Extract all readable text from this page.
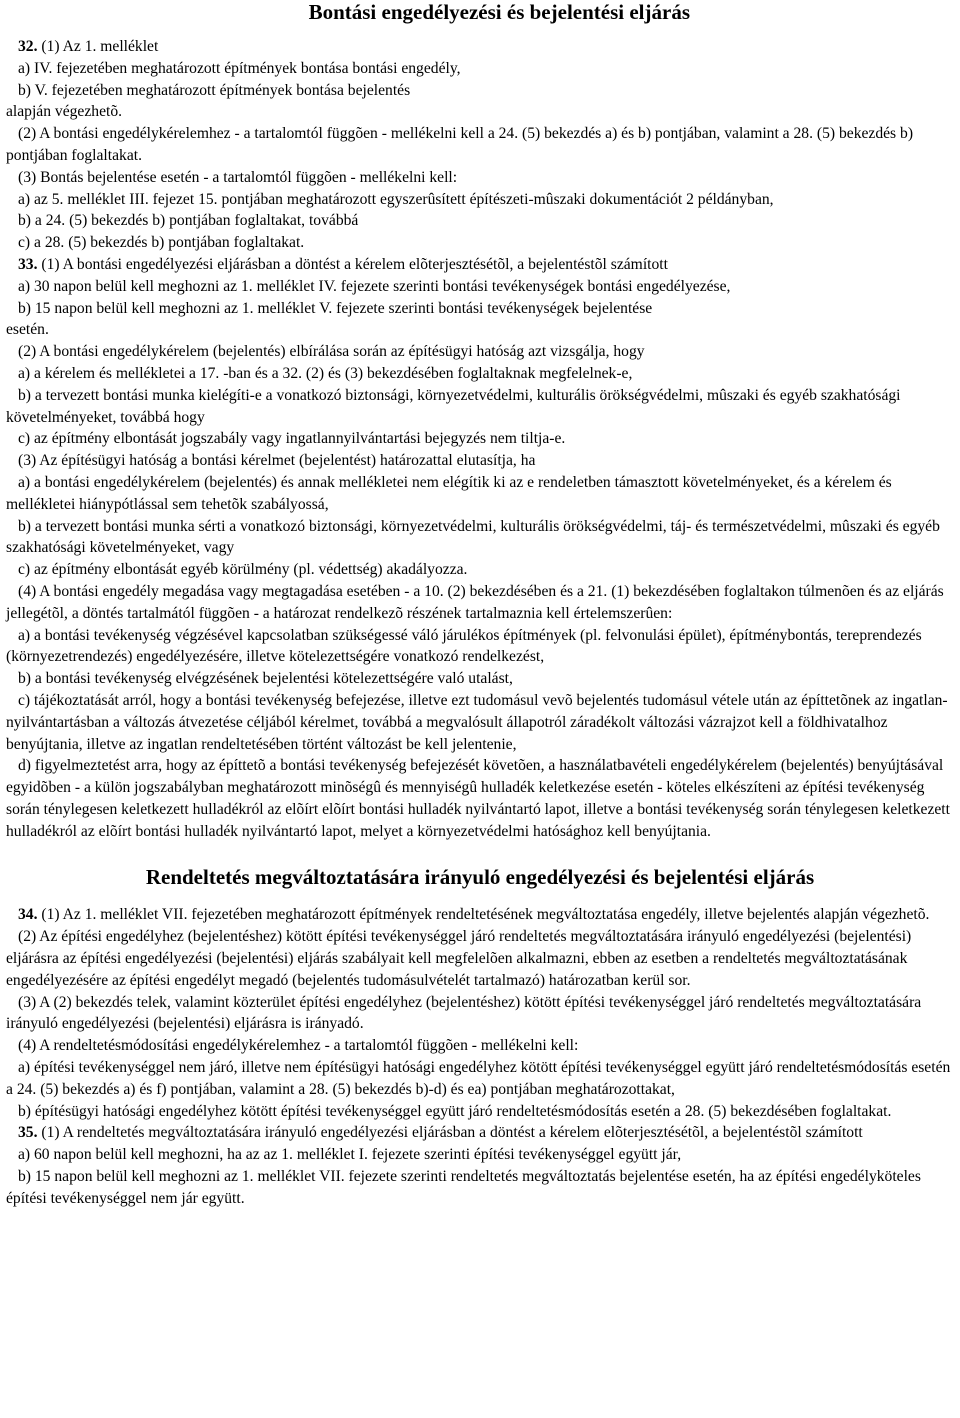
Bontási engedélyezési és bejelentési eljárás

32. (1) Az 1. melléklet

a) IV. fejezetében meghatározott építmények bontása bontási engedély,

b) V. fejezetében meghatározott építmények bontása bejelentés

alapján végezhetõ.

(2) A bontási engedélykérelemhez - a tartalomtól függõen - mellékelni kell a 24. (5) bekezdés a) és b) pontjában, valamint a 28. (5) bekezdés b) pontjában foglaltakat.

(3) Bontás bejelentése esetén - a tartalomtól függõen - mellékelni kell:

a) az 5. melléklet III. fejezet 15. pontjában meghatározott egyszerûsített építészeti-mûszaki dokumentációt 2 példányban,

b) a 24. (5) bekezdés b) pontjában foglaltakat, továbbá

c) a 28. (5) bekezdés b) pontjában foglaltakat.

33. (1) A bontási engedélyezési eljárásban a döntést a kérelem elõterjesztésétõl, a bejelentéstõl számított

a) 30 napon belül kell meghozni az 1. melléklet IV. fejezete szerinti bontási tevékenységek bontási engedélyezése,

b) 15 napon belül kell meghozni az 1. melléklet V. fejezete szerinti bontási tevékenységek bejelentése

esetén.

(2) A bontási engedélykérelem (bejelentés) elbírálása során az építésügyi hatóság azt vizsgálja, hogy

a) a kérelem és mellékletei a 17. -ban és a 32. (2) és (3) bekezdésében foglaltaknak megfelelnek-e,

b) a tervezett bontási munka kielégíti-e a vonatkozó biztonsági, környezetvédelmi, kulturális örökségvédelmi, mûszaki és egyéb szakhatósági követelményeket, továbbá hogy

c) az építmény elbontását jogszabály vagy ingatlannyilvántartási bejegyzés nem tiltja-e.

(3) Az építésügyi hatóság a bontási kérelmet (bejelentést) határozattal elutasítja, ha

a) a bontási engedélykérelem (bejelentés) és annak mellékletei nem elégítik ki az e rendeletben támasztott követelményeket, és a kérelem és mellékletei hiánypótlással sem tehetõk szabályossá,

b) a tervezett bontási munka sérti a vonatkozó biztonsági, környezetvédelmi, kulturális örökségvédelmi, táj- és természetvédelmi, mûszaki és egyéb szakhatósági követelményeket, vagy

c) az építmény elbontását egyéb körülmény (pl. védettség) akadályozza.

(4) A bontási engedély megadása vagy megtagadása esetében - a 10. (2) bekezdésében és a 21. (1) bekezdésében foglaltakon túlmenõen és az eljárás jellegétõl, a döntés tartalmától függõen - a határozat rendelkezõ részének tartalmaznia kell értelemszerûen:

a) a bontási tevékenység végzésével kapcsolatban szükségessé váló járulékos építmények (pl. felvonulási épület), építménybontás, tereprendezés (környezetrendezés) engedélyezésére, illetve kötelezettségére vonatkozó rendelkezést,

b) a bontási tevékenység elvégzésének bejelentési kötelezettségére való utalást,

c) tájékoztatását arról, hogy a bontási tevékenység befejezése, illetve ezt tudomásul vevõ bejelentés tudomásul vétele után az építtetõnek az ingatlan-nyilvántartásban a változás átvezetése céljából kérelmet, továbbá a megvalósult állapotról záradékolt változási vázrajzot kell a földhivatalhoz benyújtania, illetve az ingatlan rendeltetésében történt változást be kell jelentenie,

d) figyelmeztetést arra, hogy az építtetõ a bontási tevékenység befejezését követõen, a használatbavételi engedélykérelem (bejelentés) benyújtásával egyidõben - a külön jogszabályban meghatározott minõségû és mennyiségû hulladék keletkezése esetén - köteles elkészíteni az építési tevékenység során ténylegesen keletkezett hulladékról az elõírt elõírt bontási hulladék nyilvántartó lapot, illetve a bontási tevékenység során ténylegesen keletkezett hulladékról az elõírt bontási hulladék nyilvántartó lapot, melyet a környezetvédelmi hatósághoz kell benyújtania.

Rendeltetés megváltoztatására irányuló engedélyezési és bejelentési eljárás

34. (1) Az 1. melléklet VII. fejezetében meghatározott építmények rendeltetésének megváltoztatása engedély, illetve bejelentés alapján végezhetõ.

(2) Az építési engedélyhez (bejelentéshez) kötött építési tevékenységgel járó rendeltetés megváltoztatására irányuló engedélyezési (bejelentési) eljárásra az építési engedélyezési (bejelentési) eljárás szabályait kell megfelelõen alkalmazni, ebben az esetben a rendeltetés megváltoztatásának engedélyezésére az építési engedélyt megadó (bejelentés tudomásulvételét tartalmazó) határozatban kerül sor.

(3) A (2) bekezdés telek, valamint közterület építési engedélyhez (bejelentéshez) kötött építési tevékenységgel járó rendeltetés megváltoztatására irányuló engedélyezési (bejelentési) eljárásra is irányadó.

(4) A rendeltetésmódosítási engedélykérelemhez - a tartalomtól függõen - mellékelni kell:

a) építési tevékenységgel nem járó, illetve nem építésügyi hatósági engedélyhez kötött építési tevékenységgel együtt járó rendeltetésmódosítás esetén a 24. (5) bekezdés a) és f) pontjában, valamint a 28. (5) bekezdés b)-d) és ea) pontjában meghatározottakat,

b) építésügyi hatósági engedélyhez kötött építési tevékenységgel együtt járó rendeltetésmódosítás esetén a 28. (5) bekezdésében foglaltakat.

35. (1) A rendeltetés megváltoztatására irányuló engedélyezési eljárásban a döntést a kérelem elõterjesztésétõl, a bejelentéstõl számított

a) 60 napon belül kell meghozni, ha az az 1. melléklet I. fejezete szerinti építési tevékenységgel együtt jár,

b) 15 napon belül kell meghozni az 1. melléklet VII. fejezete szerinti rendeltetés megváltoztatás bejelentése esetén, ha az építési engedélyköteles építési tevékenységgel nem jár együtt.
